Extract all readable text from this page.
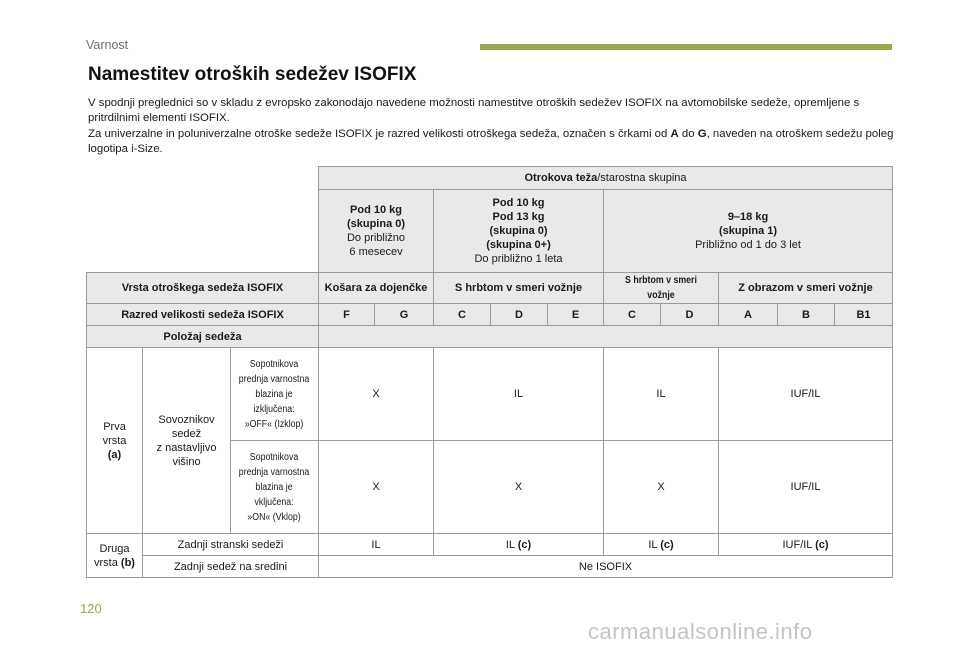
Varnost
Namestitev otroških sedežev ISOFIX

V spodnji preglednici so v skladu z evropsko zakonodajo navedene možnosti namestitve otroških sedežev ISOFIX na avtomobilske sedeže, opremljene s pritrdilnimi elementi ISOFIX.

Za univerzalne in poluniverzalne otroške sedeže ISOFIX je razred velikosti otroškega sedeža, označen s črkami od A do G, naveden na otroškem sedežu poleg logotipa i-Size.

			Otrokova teža/starostna skupina									
			Pod 10 kg
(skupina 0)
Do približno
6 mesecev		Pod 10 kg
Pod 13 kg
(skupina 0)
(skupina 0+)
Do približno 1 leta			9–18 kg
(skupina 1)
Približno od 1 do 3 let				
Vrsta otroškega sedeža ISOFIX			Košara za dojenčke		S hrbtom v smeri vožnje			S hrbtom v smeri vožnje		Z obrazom v smeri vožnje		
Razred velikosti sedeža ISOFIX			F	G	C	D	E	C	D	A	B	B1
Položaj sedeža												
Prva
vrsta
(a)	Sovoznikov
sedež
z nastavljivo
višino	Sopotnikova
prednja varnostna
blazina je
izključena:
»OFF« (Izklop)	X		IL			IL		IUF/IL		
		Sopotnikova
prednja varnostna
blazina je
vključena:
»ON« (Vklop)	X		X			X		IUF/IL		
Druga
vrsta (b)	Zadnji stranski sedeži		IL		IL (c)			IL (c)		IUF/IL (c)		
	Zadnji sedež na sredini		Ne ISOFIX									
120
carmanualsonline.info
